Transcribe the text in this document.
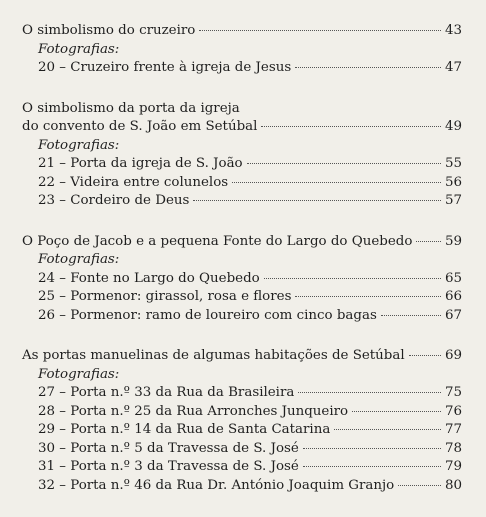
O simbolismo do cruzeiro	43
Fotografias:
20 – Cruzeiro frente à igreja de Jesus	47
O simbolismo da porta da igreja
do convento de S. João em Setúbal	49
Fotografias:
21 – Porta da igreja de S. João	55
22 – Videira entre colunelos	56
23 – Cordeiro de Deus	57
O Poço de Jacob e a pequena Fonte do Largo do Quebedo 59
Fotografias:
24 – Fonte no Largo do Quebedo	65
25 – Pormenor: girassol, rosa e flores	66
26 – Pormenor: ramo de loureiro com cinco bagas	67
As portas manuelinas de algumas habitações de Setúbal	69
Fotografias:
27 – Porta n.º 33 da Rua da Brasileira	75
28 – Porta n.º 25 da Rua Arronches Junqueiro	76
29 – Porta n.º 14 da Rua de Santa Catarina	77
30 – Porta n.º 5 da Travessa de S. José	78
31 – Porta n.º 3 da Travessa de S. José	79
32 – Porta n.º 46 da Rua Dr. António Joaquim Granjo	80
